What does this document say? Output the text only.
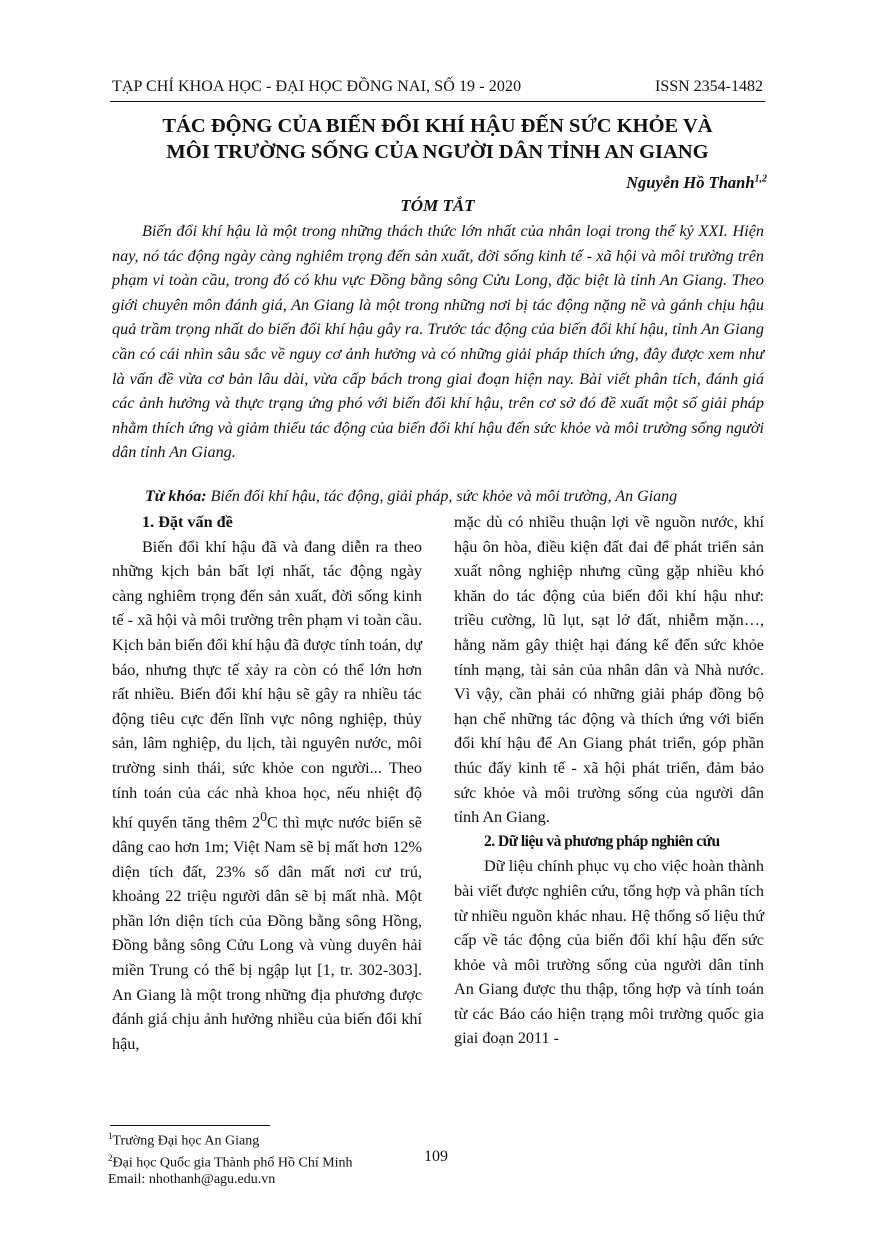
TẠP CHÍ KHOA HỌC - ĐẠI HỌC ĐỒNG NAI, SỐ 19 - 2020	ISSN 2354-1482
TÁC ĐỘNG CỦA BIẾN ĐỔI KHÍ HẬU ĐẾN SỨC KHỎE VÀ
MÔI TRƯỜNG SỐNG CỦA NGƯỜI DÂN TỈNH AN GIANG
Nguyễn Hồ Thanh$^{1,2}$
TÓM TẮT
Biến đổi khí hậu là một trong những thách thức lớn nhất của nhân loại trong thế kỷ XXI. Hiện nay, nó tác động ngày càng nghiêm trọng đến sản xuất, đời sống kinh tế - xã hội và môi trường trên phạm vi toàn cầu, trong đó có khu vực Đồng bằng sông Cửu Long, đặc biệt là tỉnh An Giang. Theo giới chuyên môn đánh giá, An Giang là một trong những nơi bị tác động nặng nề và gánh chịu hậu quả trầm trọng nhất do biến đổi khí hậu gây ra. Trước tác động của biến đổi khí hậu, tỉnh An Giang cần có cái nhìn sâu sắc về nguy cơ ảnh hưởng và có những giải pháp thích ứng, đây được xem như là vấn đề vừa cơ bản lâu dài, vừa cấp bách trong giai đoạn hiện nay. Bài viết phân tích, đánh giá các ảnh hưởng và thực trạng ứng phó với biến đổi khí hậu, trên cơ sở đó đề xuất một số giải pháp nhằm thích ứng và giảm thiểu tác động của biến đổi khí hậu đến sức khỏe và môi trường sống người dân tỉnh An Giang.
Từ khóa: Biến đổi khí hậu, tác động, giải pháp, sức khỏe và môi trường, An Giang

1. Đặt vấn đề

Biến đổi khí hậu đã và đang diễn ra theo những kịch bản bất lợi nhất, tác động ngày càng nghiêm trọng đến sản xuất, đời sống kinh tế - xã hội và môi trường trên phạm vi toàn cầu. Kịch bản biến đổi khí hậu đã được tính toán, dự báo, nhưng thực tế xảy ra còn có thể lớn hơn rất nhiều. Biến đổi khí hậu sẽ gây ra nhiều tác động tiêu cực đến lĩnh vực nông nghiệp, thủy sản, lâm nghiệp, du lịch, tài nguyên nước, môi trường sinh thái, sức khỏe con người... Theo tính toán của các nhà khoa học, nếu nhiệt độ khí quyển tăng thêm $2^0C$ thì mực nước biển sẽ dâng cao hơn 1m; Việt Nam sẽ bị mất hơn 12% diện tích đất, 23% số dân mất nơi cư trú, khoảng 22 triệu người dân sẽ bị mất nhà. Một phần lớn diện tích của Đồng bằng sông Hồng, Đồng bằng sông Cửu Long và vùng duyên hải miền Trung có thể bị ngập lụt [1, tr. 302-303]. An Giang là một trong những địa phương được đánh giá chịu ảnh hưởng nhiều của biến đổi khí hậu,

mặc dù có nhiều thuận lợi về nguồn nước, khí hậu ôn hòa, điều kiện đất đai để phát triển sản xuất nông nghiệp nhưng cũng gặp nhiều khó khăn do tác động của biến đổi khí hậu như: triều cường, lũ lụt, sạt lở đất, nhiễm mặn…, hằng năm gây thiệt hại đáng kể đến sức khỏe tính mạng, tài sản của nhân dân và Nhà nước. Vì vậy, cần phải có những giải pháp đồng bộ hạn chế những tác động và thích ứng với biến đổi khí hậu để An Giang phát triển, góp phần thúc đẩy kinh tế - xã hội phát triển, đảm bảo sức khỏe và môi trường sống của người dân tỉnh An Giang.

2. Dữ liệu và phương pháp nghiên cứu

Dữ liệu chính phục vụ cho việc hoàn thành bài viết được nghiên cứu, tổng hợp và phân tích từ nhiều nguồn khác nhau. Hệ thống số liệu thứ cấp về tác động của biến đổi khí hậu đến sức khỏe và môi trường sống của người dân tỉnh An Giang được thu thập, tổng hợp và tính toán từ các Báo cáo hiện trạng môi trường quốc gia giai đoạn 2011 -

$^1$Trường Đại học An Giang
$^2$Đại học Quốc gia Thành phố Hồ Chí Minh
Email: nhothanh@agu.edu.vn
109
